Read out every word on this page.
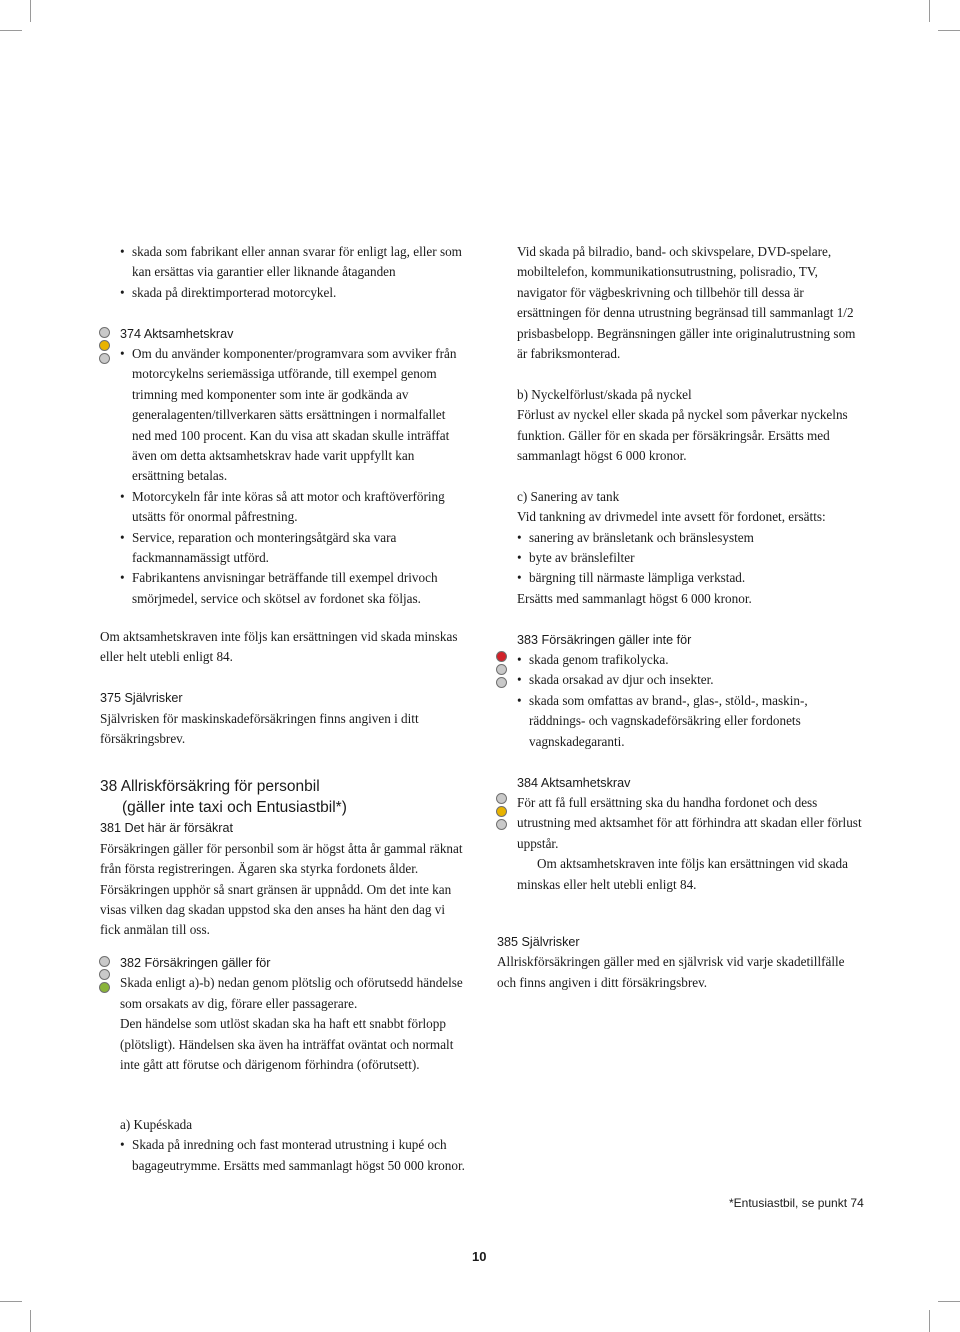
• skada som fabrikant eller annan svarar för enligt lag, eller som kan ersättas via garantier eller liknande åtaganden
• skada på direktimporterad motorcykel.

374 Aktsamhetskrav

• Om du använder komponenter/programvara som avviker från motorcykelns seriemässiga utförande, till exempel genom trimning med komponenter som inte är godkända av generalagenten/tillverkaren sätts ersättningen i normalfallet ned med 100 procent. Kan du visa att skadan skulle inträffat även om detta aktsamhetskrav hade varit uppfyllt kan ersättning betalas.
• Motorcykeln får inte köras så att motor och kraftöverföring utsätts för onormal påfrestning.
• Service, reparation och monteringsåtgärd ska vara fackmannamässigt utförd.
• Fabrikantens anvisningar beträffande till exempel drivoch smörjmedel, service och skötsel av fordonet ska följas.

Om aktsamhetskraven inte följs kan ersättningen vid skada minskas eller helt utebli enligt 84.

375 Självrisker

Självrisken för maskinskadeförsäkringen finns angiven i ditt försäkringsbrev.

38 Allriskförsäkring för personbil

(gäller inte taxi och Entusiastbil*)

381 Det här är försäkrat

Försäkringen gäller för personbil som är högst åtta år gammal räknat från första registreringen. Ägaren ska styrka fordonets ålder. Försäkringen upphör så snart gränsen är uppnådd. Om det inte kan visas vilken dag skadan uppstod ska den anses ha hänt den dag vi fick anmälan till oss.

382 Försäkringen gäller för

Skada enligt a)-b) nedan genom plötslig och oförutsedd händelse som orsakats av dig, förare eller passagerare.

Den händelse som utlöst skadan ska ha haft ett snabbt förlopp (plötsligt). Händelsen ska även ha inträffat oväntat och normalt inte gått att förutse och därigenom förhindra (oförutsett).

a) Kupéskada

• Skada på inredning och fast monterad utrustning i kupé och bagageutrymme. Ersätts med sammanlagt högst 50 000 kronor.

Vid skada på bilradio, band- och skivspelare, DVD-spelare, mobiltelefon, kommunikationsutrustning, polisradio, TV, navigator för vägbeskrivning och tillbehör till dessa är ersättningen för denna utrustning begränsad till sammanlagt 1/2 prisbasbelopp. Begränsningen gäller inte originalutrustning som är fabriksmonterad.

b) Nyckelförlust/skada på nyckel

Förlust av nyckel eller skada på nyckel som påverkar nyckelns funktion. Gäller för en skada per försäkringsår. Ersätts med sammanlagt högst 6 000 kronor.

c) Sanering av tank

Vid tankning av drivmedel inte avsett för fordonet, ersätts:

• sanering av bränsletank och bränslesystem
• byte av bränslefilter
• bärgning till närmaste lämpliga verkstad.

Ersätts med sammanlagt högst 6 000 kronor.

383 Försäkringen gäller inte för

• skada genom trafikolycka.
• skada orsakad av djur och insekter.
• skada som omfattas av brand-, glas-, stöld-, maskin-, räddnings- och vagnskadeförsäkring eller fordonets vagnskadegaranti.

384 Aktsamhetskrav

För att få full ersättning ska du handha fordonet och dess utrustning med aktsamhet för att förhindra att skadan eller förlust uppstår.

Om aktsamhetskraven inte följs kan ersättningen vid skada minskas eller helt utebli enligt 84.

385 Självrisker

Allriskförsäkringen gäller med en självrisk vid varje skadetillfälle och finns angiven i ditt försäkringsbrev.

*Entusiastbil, se punkt 74
10
